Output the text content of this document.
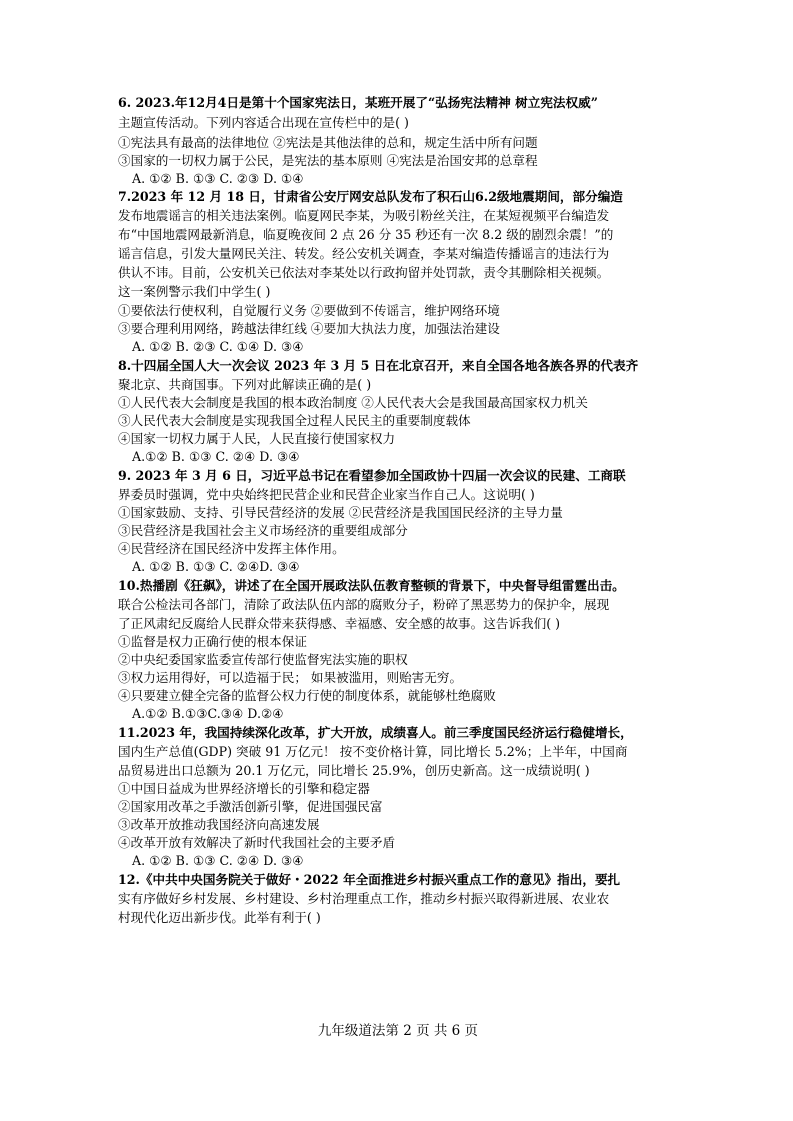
6. 2023.年12月4日是第十个国家宪法日，某班开展了“弘扬宪法精神 树立宪法权威”
主题宣传活动。下列内容适合出现在宣传栏中的是( )
①宪法具有最高的法律地位 ②宪法是其他法律的总和，规定生活中所有问题
③国家的一切权力属于公民，是宪法的基本原则 ④宪法是治国安邦的总章程
A. ①② B. ①③ C. ②③ D. ①④
7.2023 年 12 月 18 日，甘肃省公安厅网安总队发布了积石山6.2级地震期间，部分编造
发布地震谣言的相关违法案例。临夏网民李某，为吸引粉丝关注，在某短视频平台编造发
布“中国地震网最新消息，临夏晚夜间 2 点 26 分 35 秒还有一次 8.2 级的剧烈余震！”的
谣言信息，引发大量网民关注、转发。经公安机关调查，李某对编造传播谣言的违法行为
供认不讳。目前，公安机关已依法对李某处以行政拘留并处罚款，责令其删除相关视频。
这一案例警示我们中学生( )
①要依法行使权利，自觉履行义务 ②要做到不传谣言，维护网络环境
③要合理利用网络，跨越法律红线 ④要加大执法力度，加强法治建设
A. ①② B. ②③ C. ①④ D. ③④
8.十四届全国人大一次会议 2023 年 3 月 5 日在北京召开，来自全国各地各族各界的代表齐
聚北京、共商国事。下列对此解读正确的是( )
①人民代表大会制度是我国的根本政治制度 ②人民代表大会是我国最高国家权力机关
③人民代表大会制度是实现我国全过程人民民主的重要制度载体
④国家一切权力属于人民，人民直接行使国家权力
A.①② B. ①③ C. ②④ D. ③④
9. 2023 年 3 月 6 日，习近平总书记在看望参加全国政协十四届一次会议的民建、工商联
界委员时强调，党中央始终把民营企业和民营企业家当作自己人。这说明( )
①国家鼓励、支持、引导民营经济的发展 ②民营经济是我国国民经济的主导力量
③民营经济是我国社会主义市场经济的重要组成部分
④民营经济在国民经济中发挥主体作用。
A. ①② B. ①③ C. ②④D. ③④
10.热播剧《狂飙》，讲述了在全国开展政法队伍教育整顿的背景下，中央督导组雷霆出击。
联合公检法司各部门，清除了政法队伍内部的腐败分子，粉碎了黑恶势力的保护伞，展现
了正风肃纪反腐给人民群众带来获得感、幸福感、安全感的故事。这告诉我们( )
①监督是权力正确行使的根本保证
②中央纪委国家监委宣传部行使监督宪法实施的职权
③权力运用得好，可以造福于民； 如果被滥用，则贻害无穷。
④只要建立健全完备的监督公权力行使的制度体系，就能够杜绝腐败
A.①② B.①③C.③④ D.②④
11.2023 年，我国持续深化改革，扩大开放，成绩喜人。前三季度国民经济运行稳健增长，
国内生产总值(GDP) 突破 91 万亿元！ 按不变价格计算，同比增长 5.2%；上半年，中国商
品贸易进出口总额为 20.1 万亿元，同比增长 25.9%，创历史新高。这一成绩说明( )
①中国日益成为世界经济增长的引擎和稳定器
②国家用改革之手激活创新引擎，促进国强民富
③改革开放推动我国经济向高速发展
④改革开放有效解决了新时代我国社会的主要矛盾
A. ①② B. ①③ C. ②④ D. ③④
12.《中共中央国务院关于做好・2022 年全面推进乡村振兴重点工作的意见》指出，要扎
实有序做好乡村发展、乡村建设、乡村治理重点工作，推动乡村振兴取得新进展、农业农
村现代化迈出新步伐。此举有利于( )
九年级道法第 2 页 共 6 页
